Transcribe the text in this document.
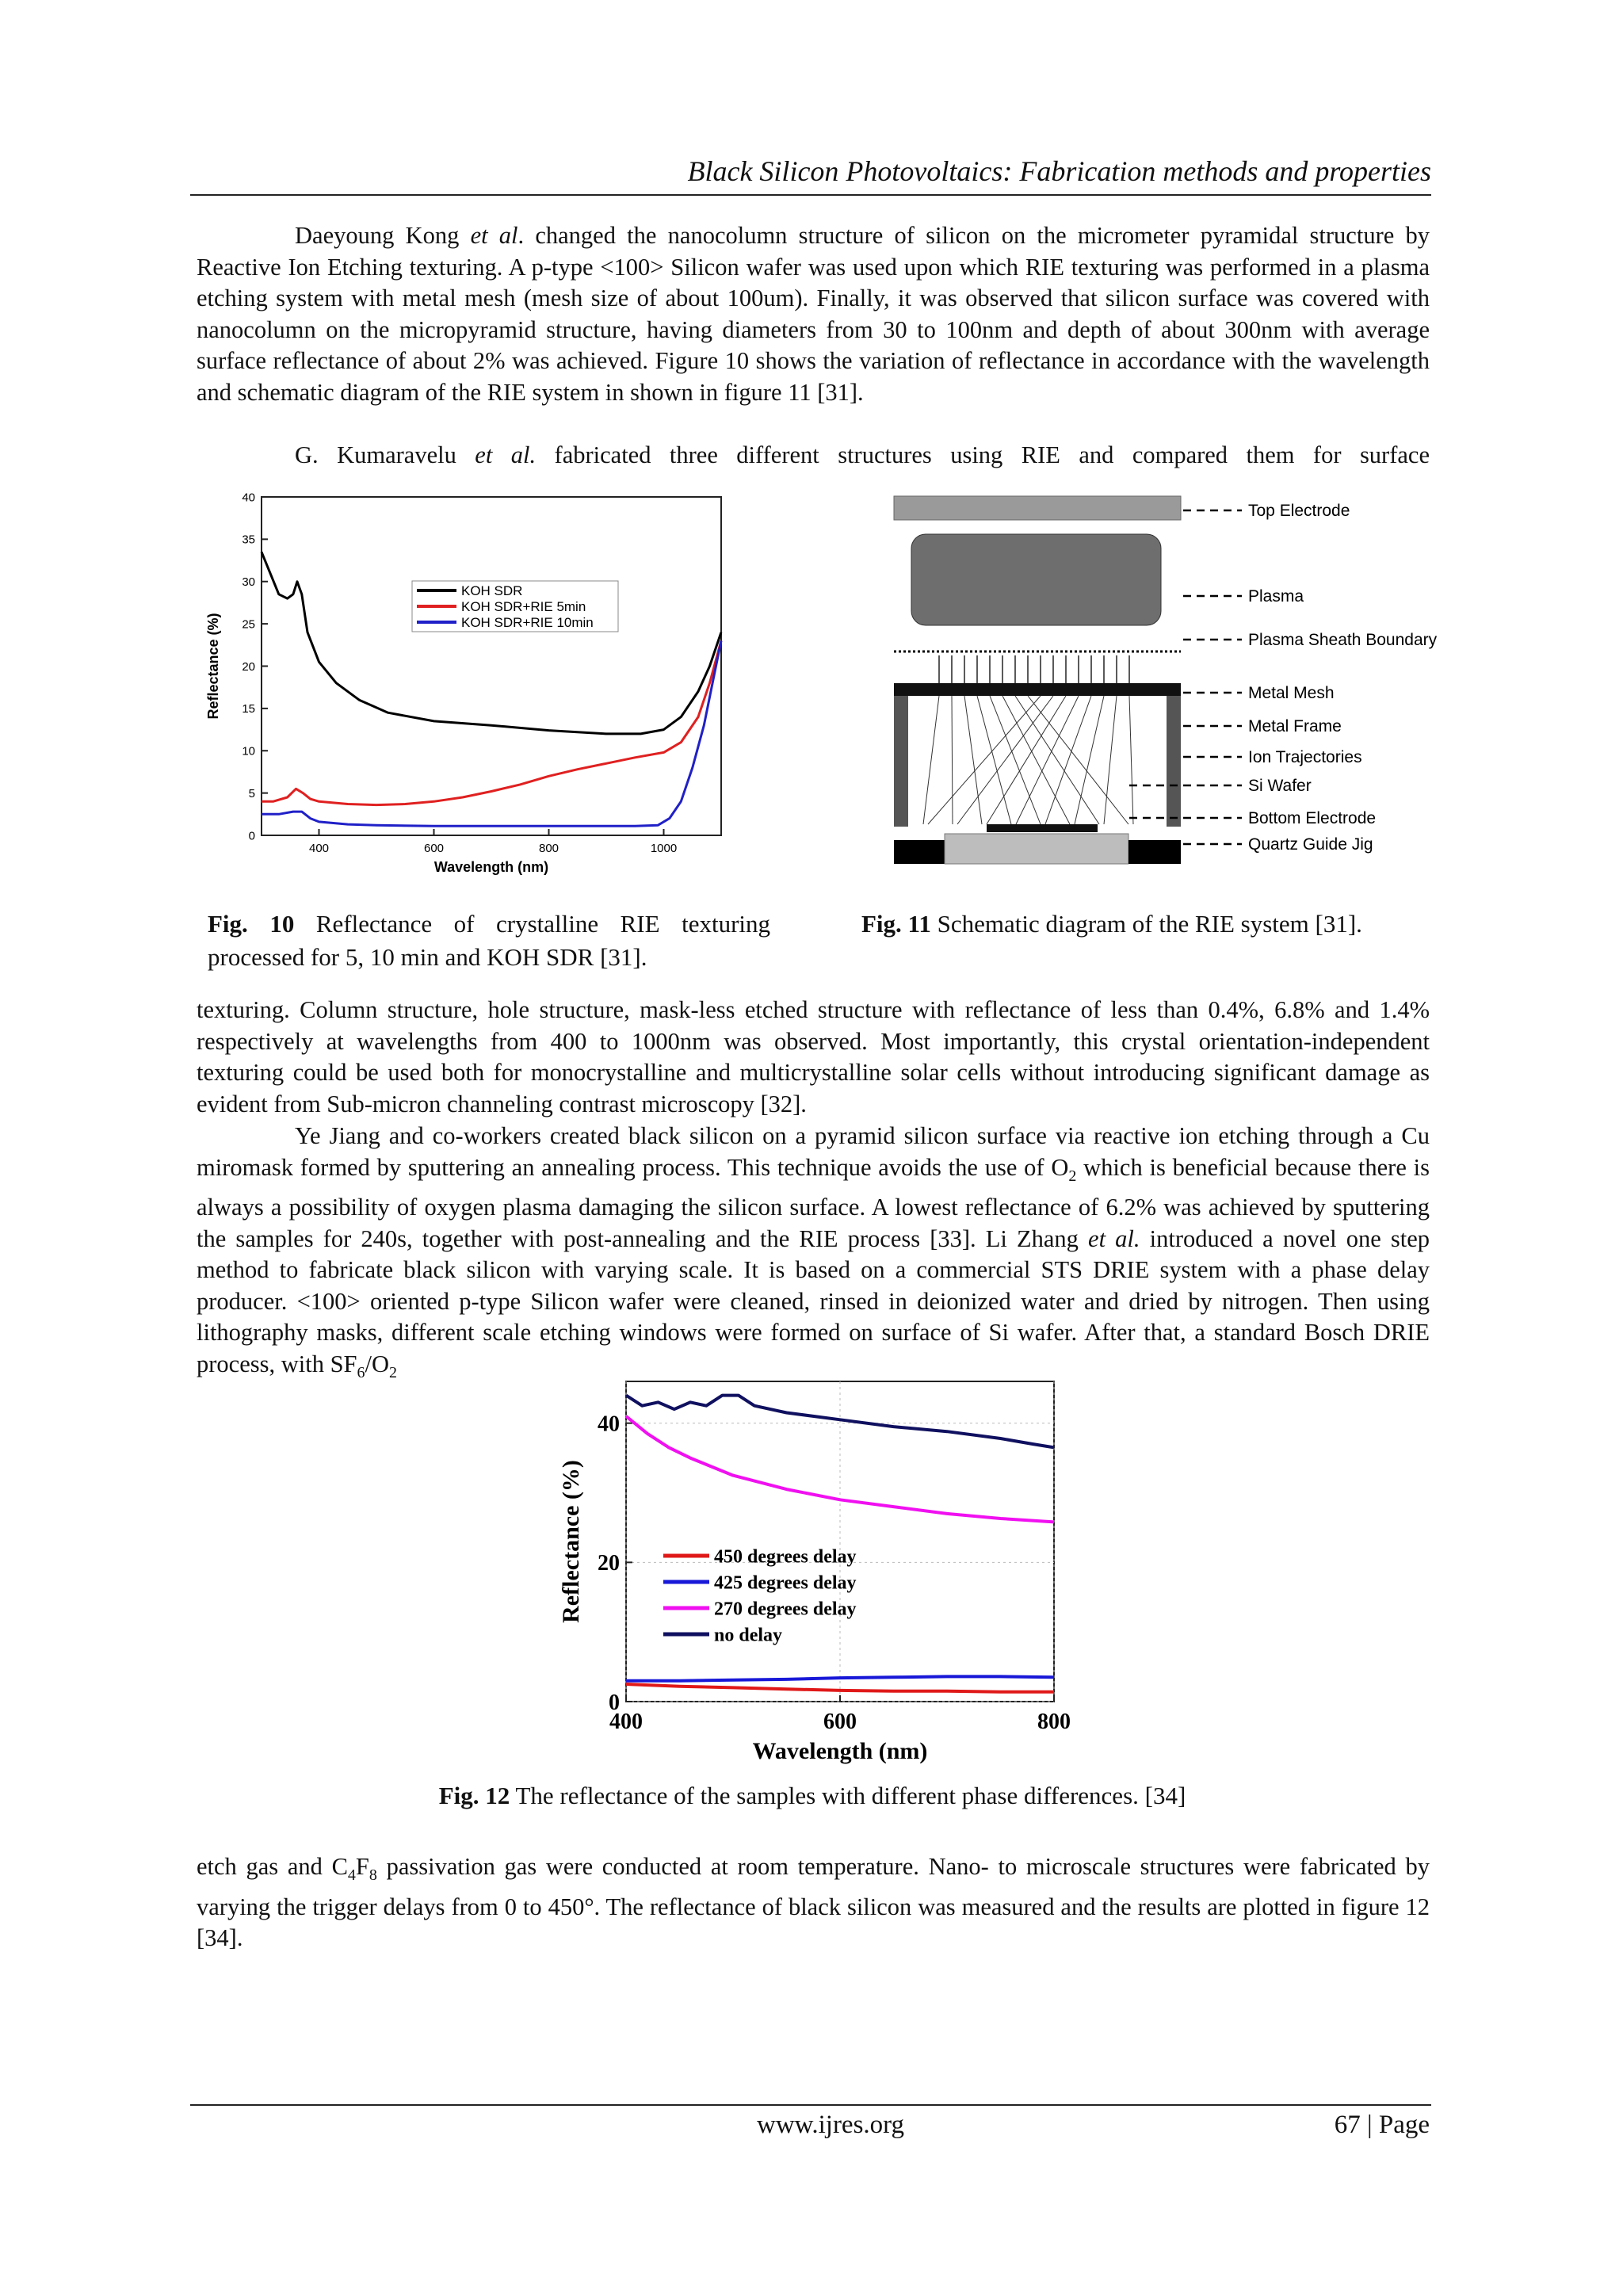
Black Silicon Photovoltaics: Fabrication methods and properties

Daeyoung Kong et al. changed the nanocolumn structure of silicon on the micrometer pyramidal structure by Reactive Ion Etching texturing. A p-type <100> Silicon wafer was used upon which RIE texturing was performed in a plasma etching system with metal mesh (mesh size of about 100um). Finally, it was observed that silicon surface was covered with nanocolumn on the micropyramid structure, having diameters from 30 to 100nm and depth of about 300nm with average surface reflectance of about 2% was achieved. Figure 10 shows the variation of reflectance in accordance with the wavelength and schematic diagram of the RIE system in shown in figure 11 [31].

G. Kumaravelu et al. fabricated three different structures using RIE and compared them for surface

400	600	800	1000
0
5
10
15
20
25
30
35
40
Wavelength (nm)
Reflectance (%)
KOH SDR
KOH SDR+RIE 5min
KOH SDR+RIE 10min
Top Electrode
Plasma
Plasma Sheath Boundary
Metal Mesh
Metal Frame
Ion Trajectories
Si Wafer
Bottom Electrode
Quartz Guide Jig
Fig. 10 Reflectance of crystalline RIE texturing
processed for 5, 10 min and KOH SDR [31].
Fig. 11 Schematic diagram of the RIE system [31].

texturing. Column structure, hole structure, mask-less etched structure with reflectance of less than 0.4%, 6.8% and 1.4% respectively at wavelengths from 400 to 1000nm was observed. Most importantly, this crystal orientation-independent texturing could be used both for monocrystalline and multicrystalline solar cells without introducing significant damage as evident from Sub-micron channeling contrast microscopy [32].

Ye Jiang and co-workers created black silicon on a pyramid silicon surface via reactive ion etching through a Cu miromask formed by sputtering an annealing process. This technique avoids the use of $O_2$ which is beneficial because there is always a possibility of oxygen plasma damaging the silicon surface. A lowest reflectance of 6.2% was achieved by sputtering the samples for 240s, together with post-annealing and the RIE process [33]. Li Zhang et al. introduced a novel one step method to fabricate black silicon with varying scale. It is based on a commercial STS DRIE system with a phase delay producer. <100> oriented p-type Silicon wafer were cleaned, rinsed in deionized water and dried by nitrogen. Then using lithography masks, different scale etching windows were formed on surface of Si wafer. After that, a standard Bosch DRIE process, with $SF_6/O_2$

400	600	800
0
20
40
Wavelength (nm)
Reflectance (%)	450 degrees delay
425 degrees delay
270 degrees delay
no delay
Fig. 12 The reflectance of the samples with different phase differences. [34]

etch gas and $C_4F_8$ passivation gas were conducted at room temperature. Nano- to microscale structures were fabricated by varying the trigger delays from 0 to 450°. The reflectance of black silicon was measured and the results are plotted in figure 12 [34].

www.ijres.org	67 | Page
